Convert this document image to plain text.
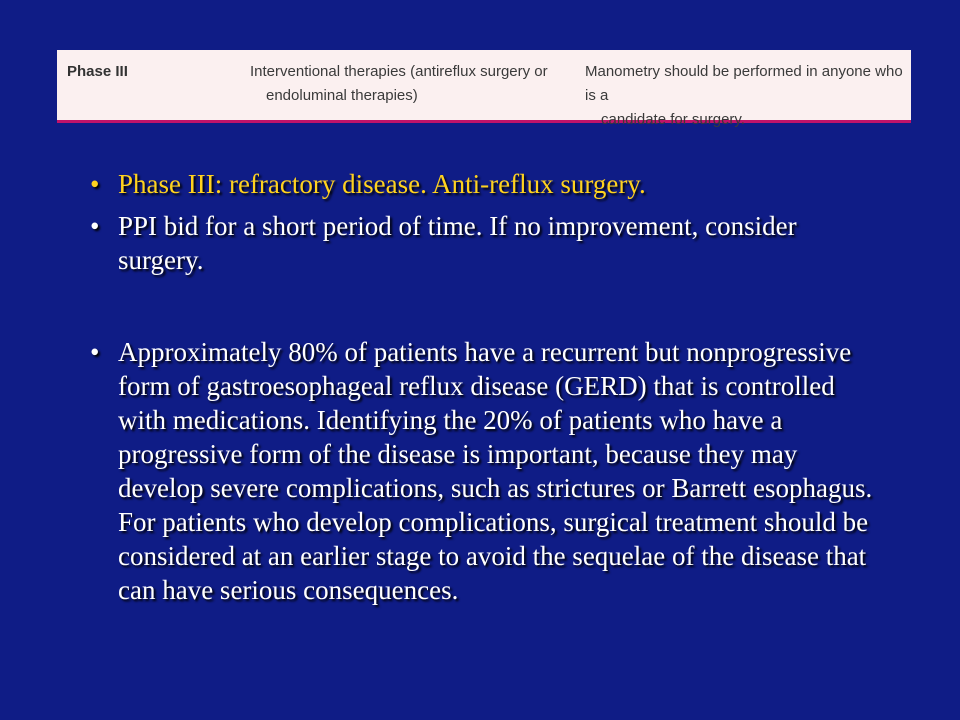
Phase III	Interventional therapies (antireflux surgery or
endoluminal therapies)
Manometry should be performed in anyone who is a
candidate for surgery.
• Phase III: refractory disease. Anti-reflux surgery.
• PPI bid for a short period of time. If no improvement, consider surgery.
• Approximately 80% of patients have a recurrent but nonprogressive form of gastroesophageal reflux disease (GERD) that is controlled with medications. Identifying the 20% of patients who have a progressive form of the disease is important, because they may develop severe complications, such as strictures or Barrett esophagus. For patients who develop complications, surgical treatment should be considered at an earlier stage to avoid the sequelae of the disease that can have serious consequences.
